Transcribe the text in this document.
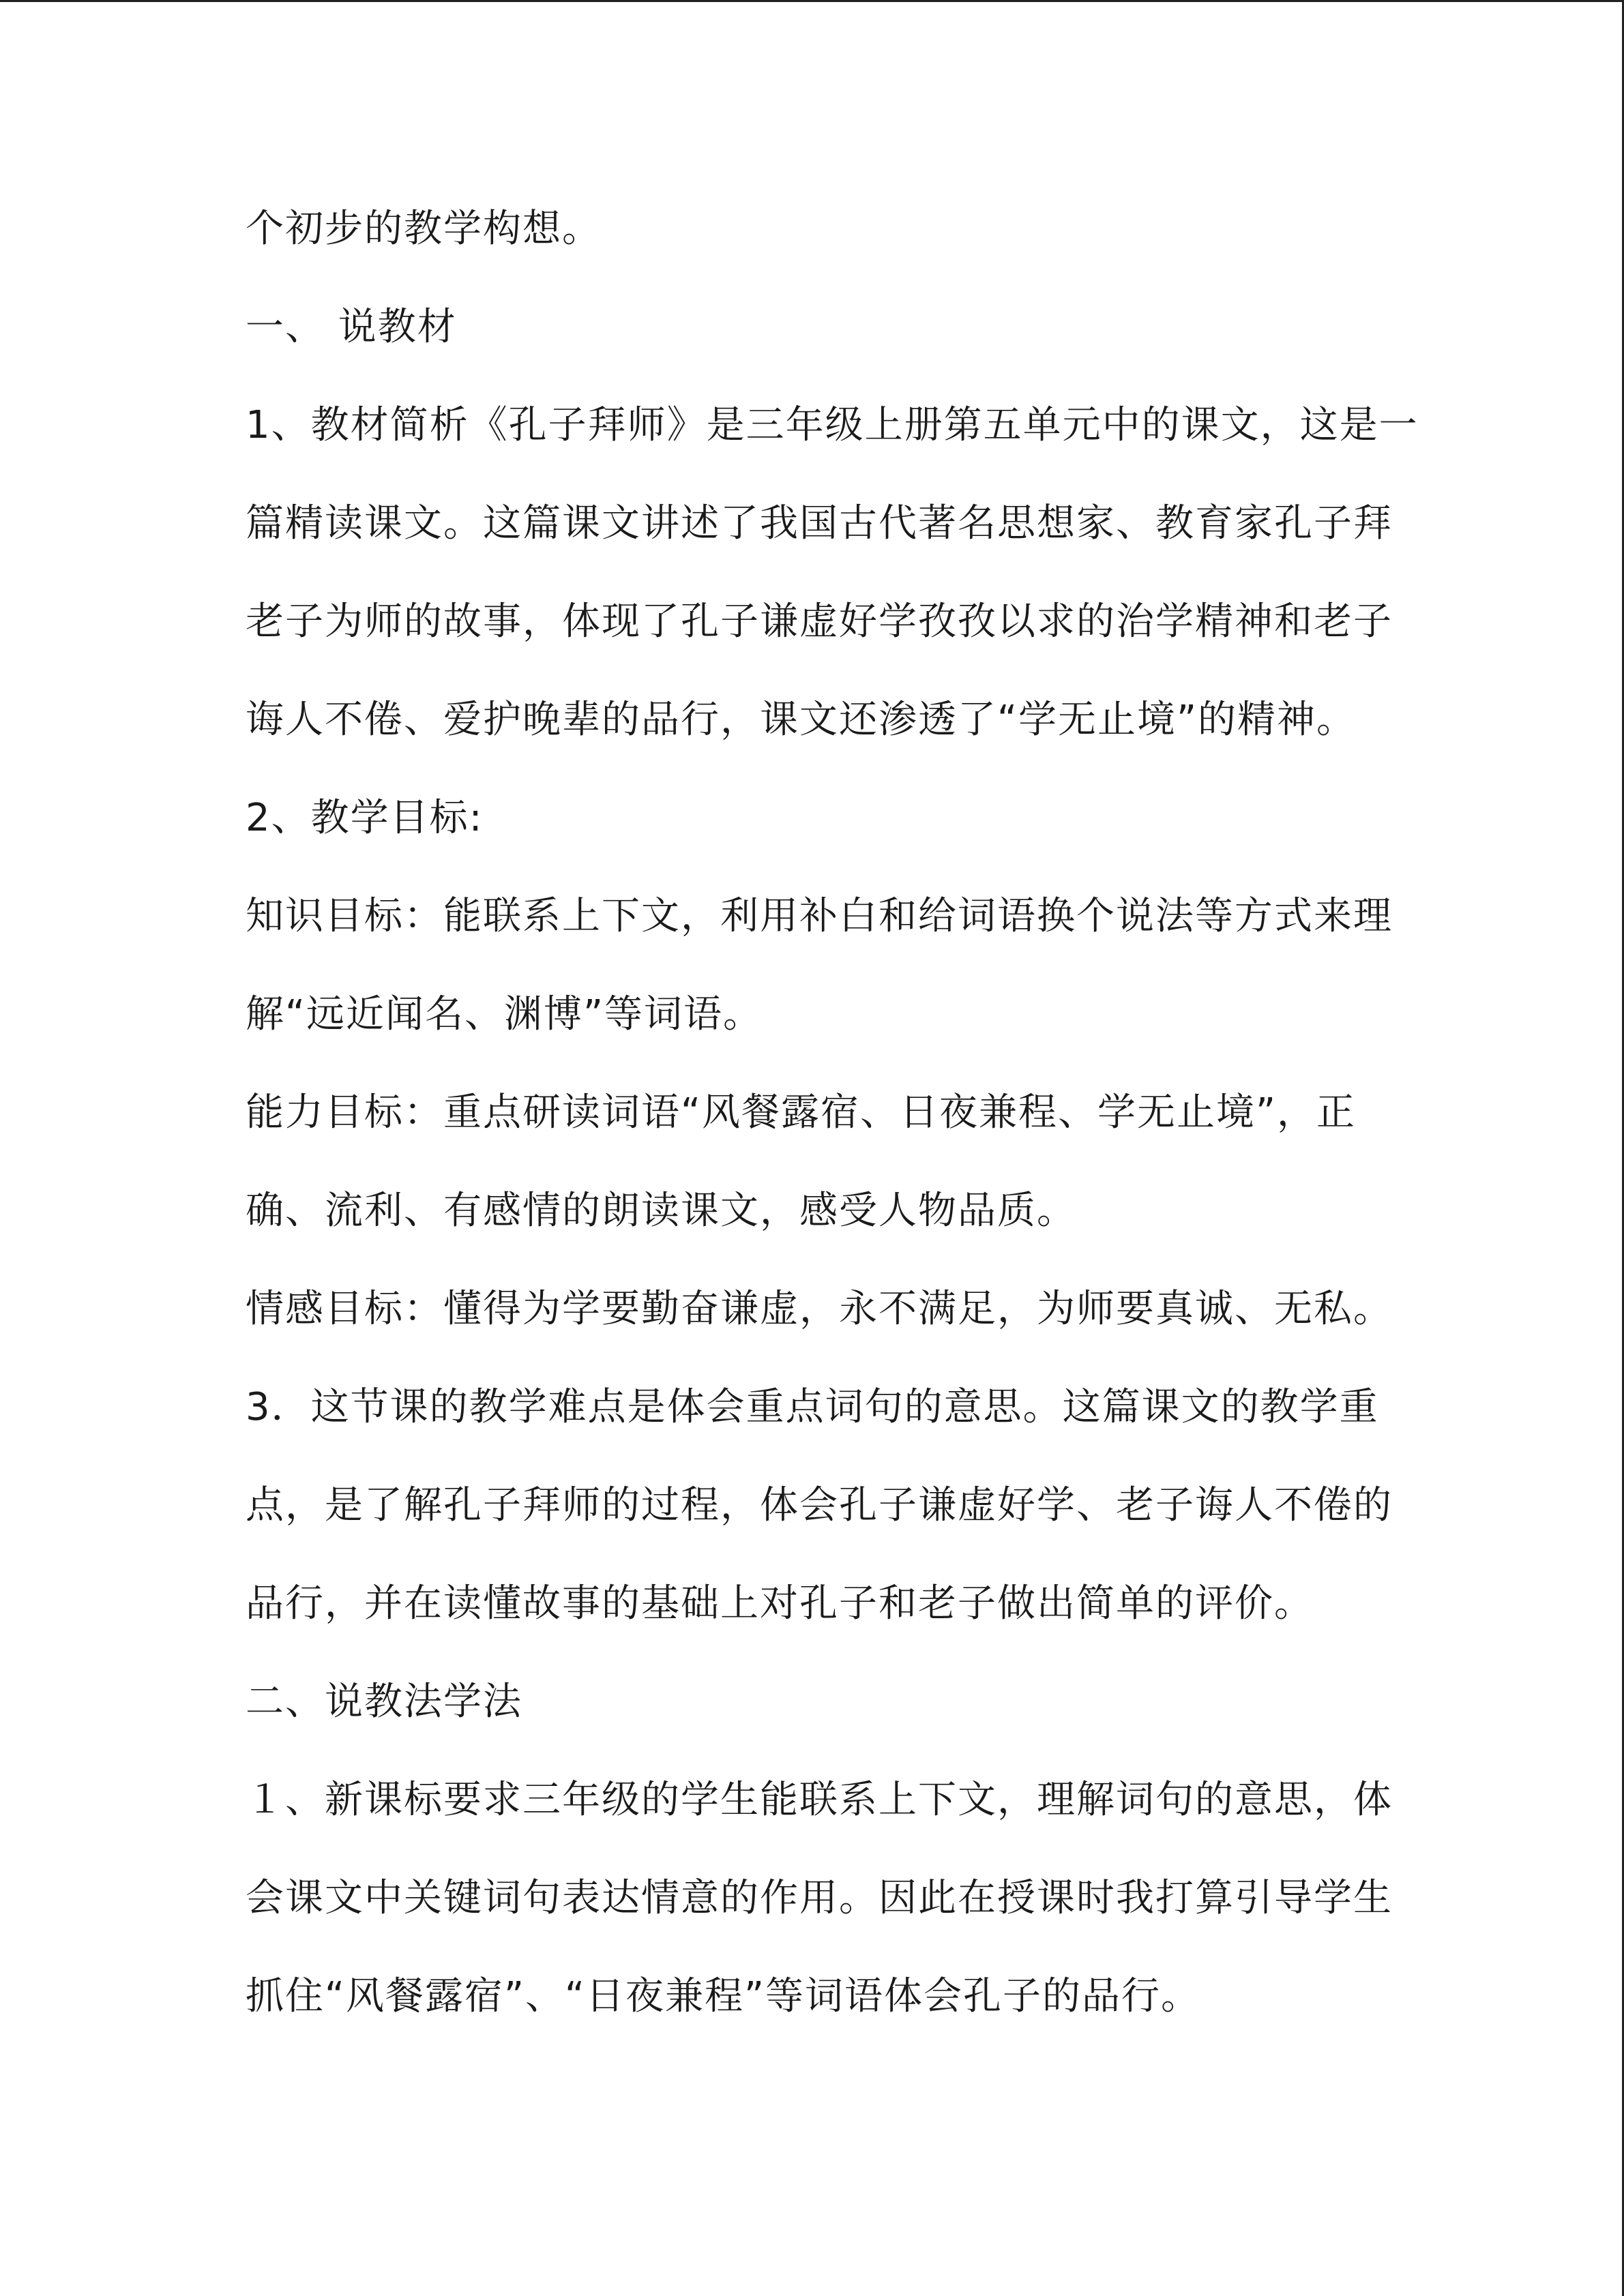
个初步的教学构想。
一、 说教材
1、教材简析《孔子拜师》是三年级上册第五单元中的课文，这是一
篇精读课文。这篇课文讲述了我国古代著名思想家、教育家孔子拜
老子为师的故事，体现了孔子谦虚好学孜孜以求的治学精神和老子
诲人不倦、爱护晚辈的品行，课文还渗透了“学无止境”的精神。
2、教学目标:
知识目标：能联系上下文，利用补白和给词语换个说法等方式来理
解“远近闻名、渊博”等词语。
能力目标：重点研读词语“风餐露宿、日夜兼程、学无止境”，正
确、流利、有感情的朗读课文，感受人物品质。
情感目标：懂得为学要勤奋谦虚，永不满足，为师要真诚、无私。
3．这节课的教学难点是体会重点词句的意思。这篇课文的教学重
点，是了解孔子拜师的过程，体会孔子谦虚好学、老子诲人不倦的
品行，并在读懂故事的基础上对孔子和老子做出简单的评价。
二、说教法学法
１、新课标要求三年级的学生能联系上下文，理解词句的意思，体
会课文中关键词句表达情意的作用。因此在授课时我打算引导学生
抓住“风餐露宿”、“日夜兼程”等词语体会孔子的品行。
